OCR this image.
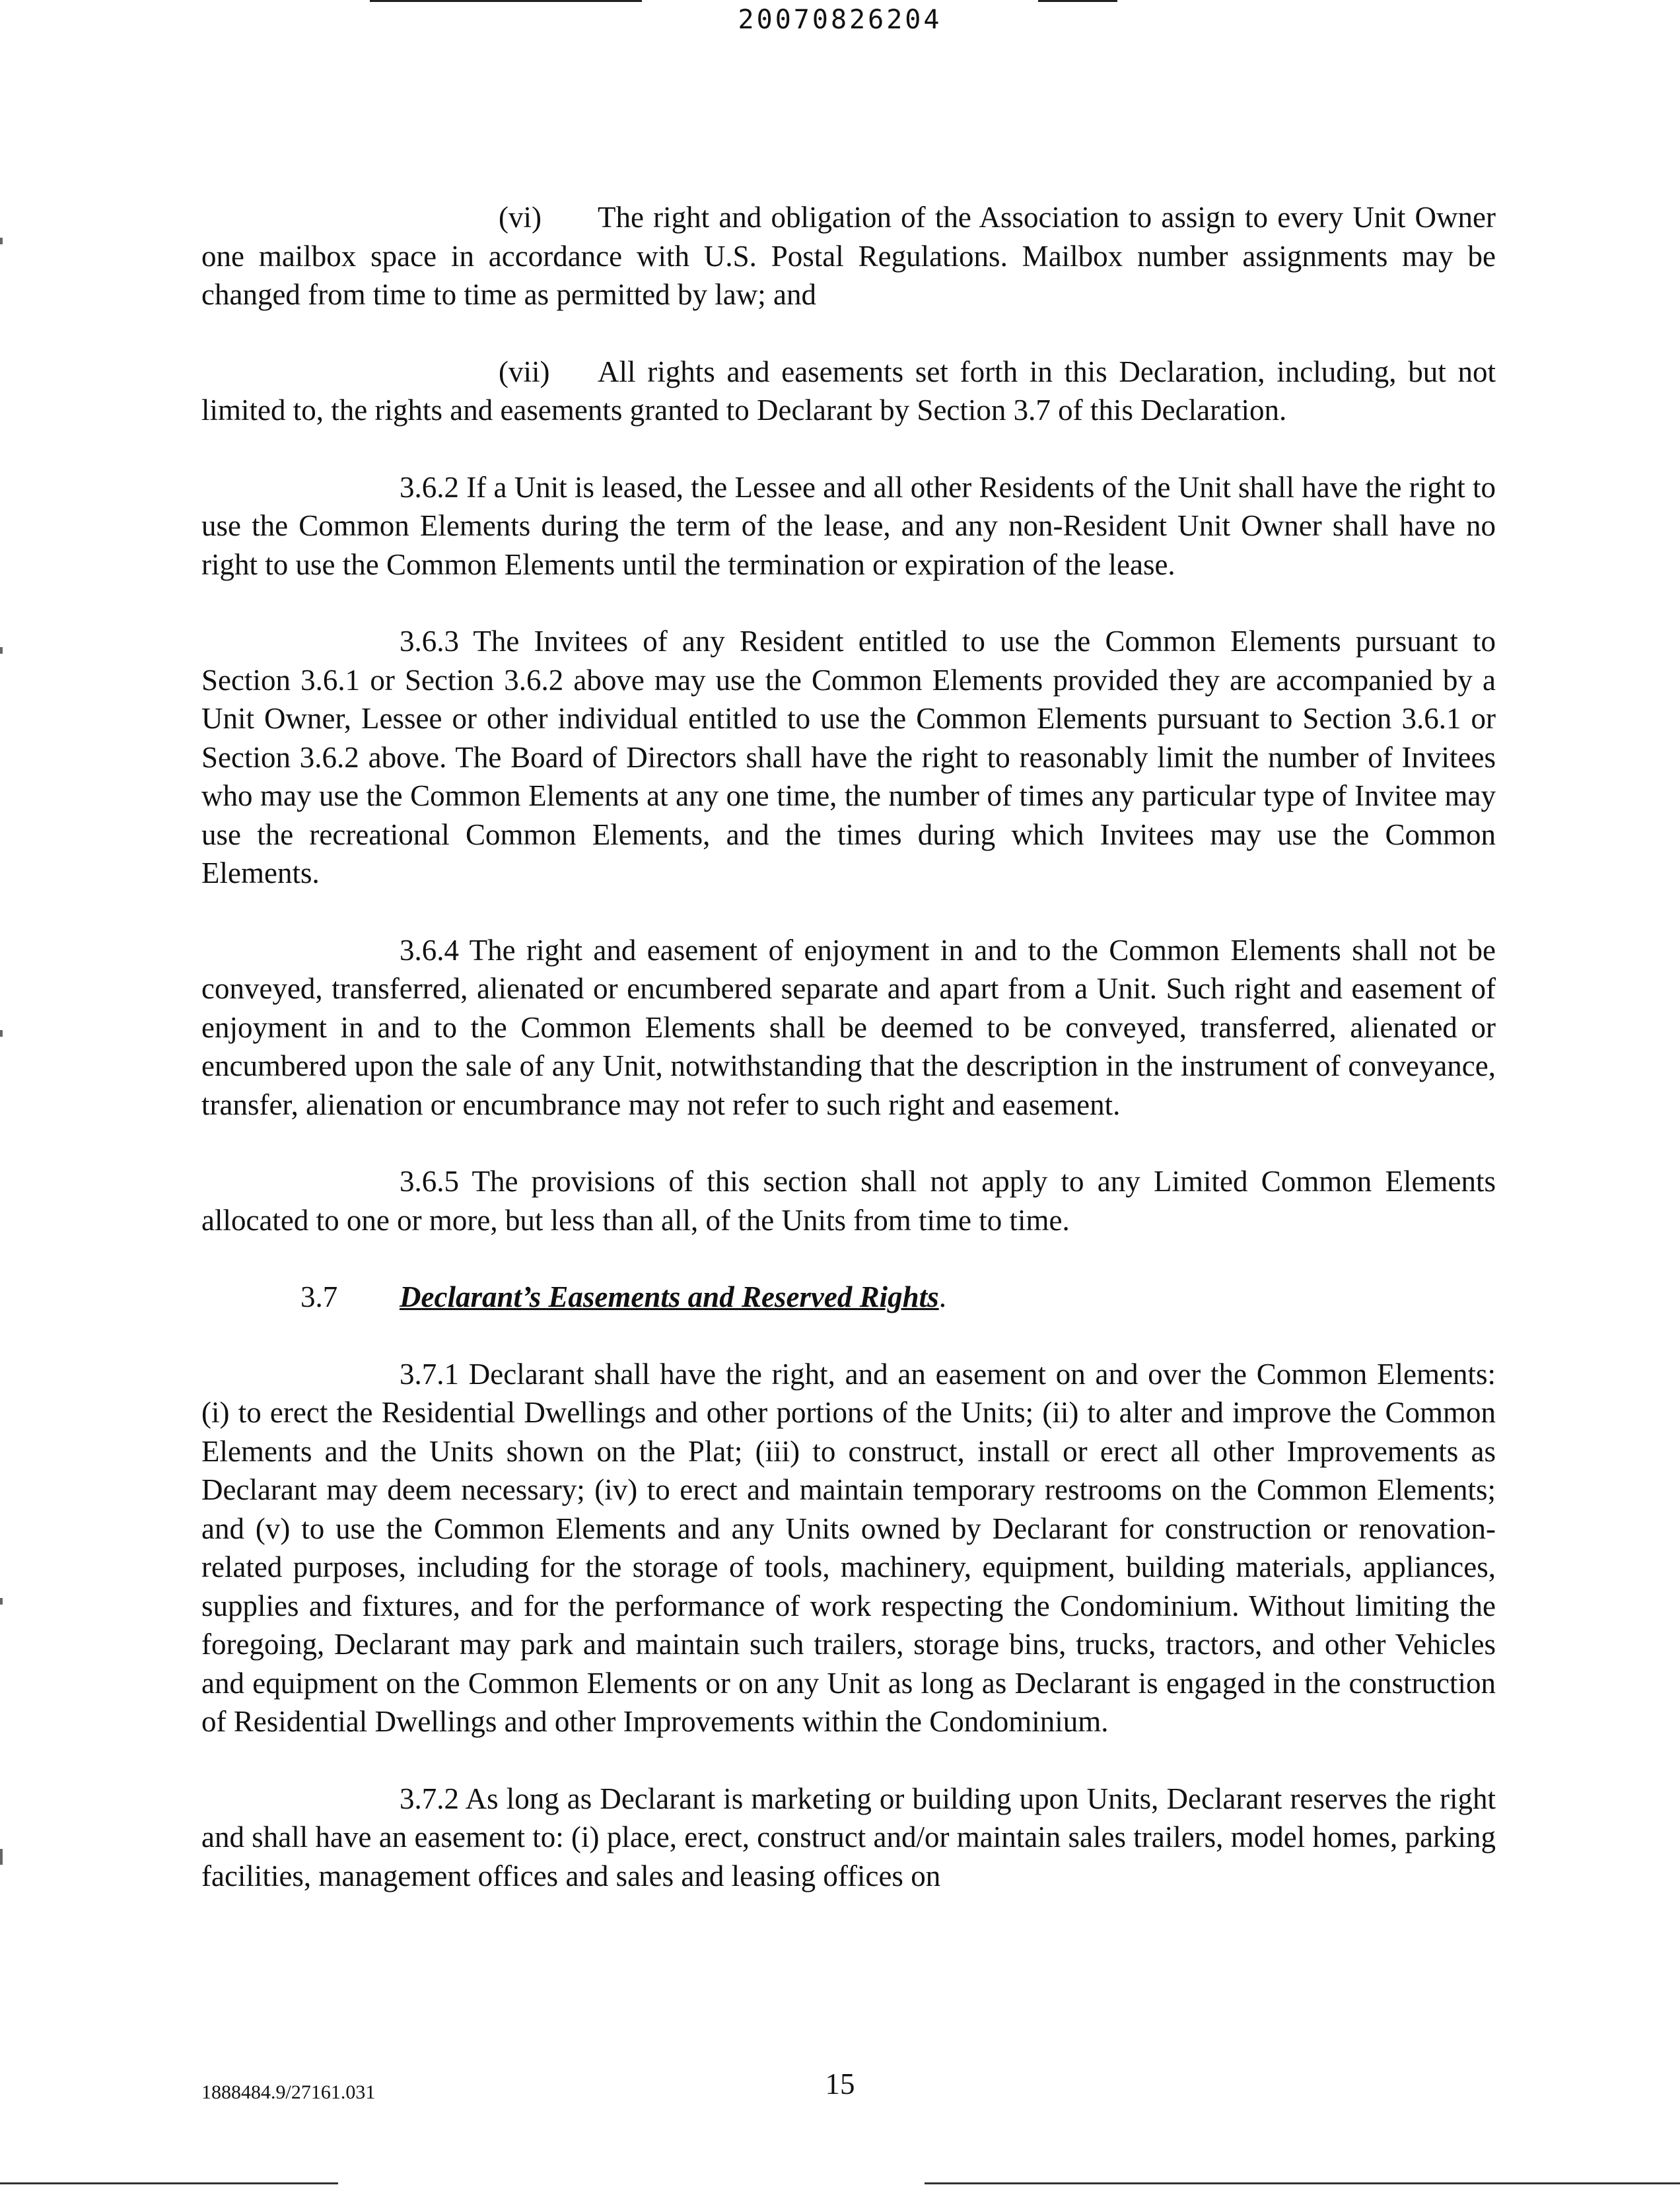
20070826204

(vi) The right and obligation of the Association to assign to every Unit Owner one mailbox space in accordance with U.S. Postal Regulations. Mailbox number assignments may be changed from time to time as permitted by law; and

(vii) All rights and easements set forth in this Declaration, including, but not limited to, the rights and easements granted to Declarant by Section 3.7 of this Declaration.

3.6.2 If a Unit is leased, the Lessee and all other Residents of the Unit shall have the right to use the Common Elements during the term of the lease, and any non-Resident Unit Owner shall have no right to use the Common Elements until the termination or expiration of the lease.

3.6.3 The Invitees of any Resident entitled to use the Common Elements pursuant to Section 3.6.1 or Section 3.6.2 above may use the Common Elements provided they are accompanied by a Unit Owner, Lessee or other individual entitled to use the Common Elements pursuant to Section 3.6.1 or Section 3.6.2 above. The Board of Directors shall have the right to reasonably limit the number of Invitees who may use the Common Elements at any one time, the number of times any particular type of Invitee may use the recreational Common Elements, and the times during which Invitees may use the Common Elements.

3.6.4 The right and easement of enjoyment in and to the Common Elements shall not be conveyed, transferred, alienated or encumbered separate and apart from a Unit. Such right and easement of enjoyment in and to the Common Elements shall be deemed to be conveyed, transferred, alienated or encumbered upon the sale of any Unit, notwithstanding that the description in the instrument of conveyance, transfer, alienation or encumbrance may not refer to such right and easement.

3.6.5 The provisions of this section shall not apply to any Limited Common Elements allocated to one or more, but less than all, of the Units from time to time.

3.7 Declarant’s Easements and Reserved Rights.

3.7.1 Declarant shall have the right, and an easement on and over the Common Elements: (i) to erect the Residential Dwellings and other portions of the Units; (ii) to alter and improve the Common Elements and the Units shown on the Plat; (iii) to construct, install or erect all other Improvements as Declarant may deem necessary; (iv) to erect and maintain temporary restrooms on the Common Elements; and (v) to use the Common Elements and any Units owned by Declarant for construction or renovation-related purposes, including for the storage of tools, machinery, equipment, building materials, appliances, supplies and fixtures, and for the performance of work respecting the Condominium. Without limiting the foregoing, Declarant may park and maintain such trailers, storage bins, trucks, tractors, and other Vehicles and equipment on the Common Elements or on any Unit as long as Declarant is engaged in the construction of Residential Dwellings and other Improvements within the Condominium.

3.7.2 As long as Declarant is marketing or building upon Units, Declarant reserves the right and shall have an easement to: (i) place, erect, construct and/or maintain sales trailers, model homes, parking facilities, management offices and sales and leasing offices on

1888484.9/27161.031	15
